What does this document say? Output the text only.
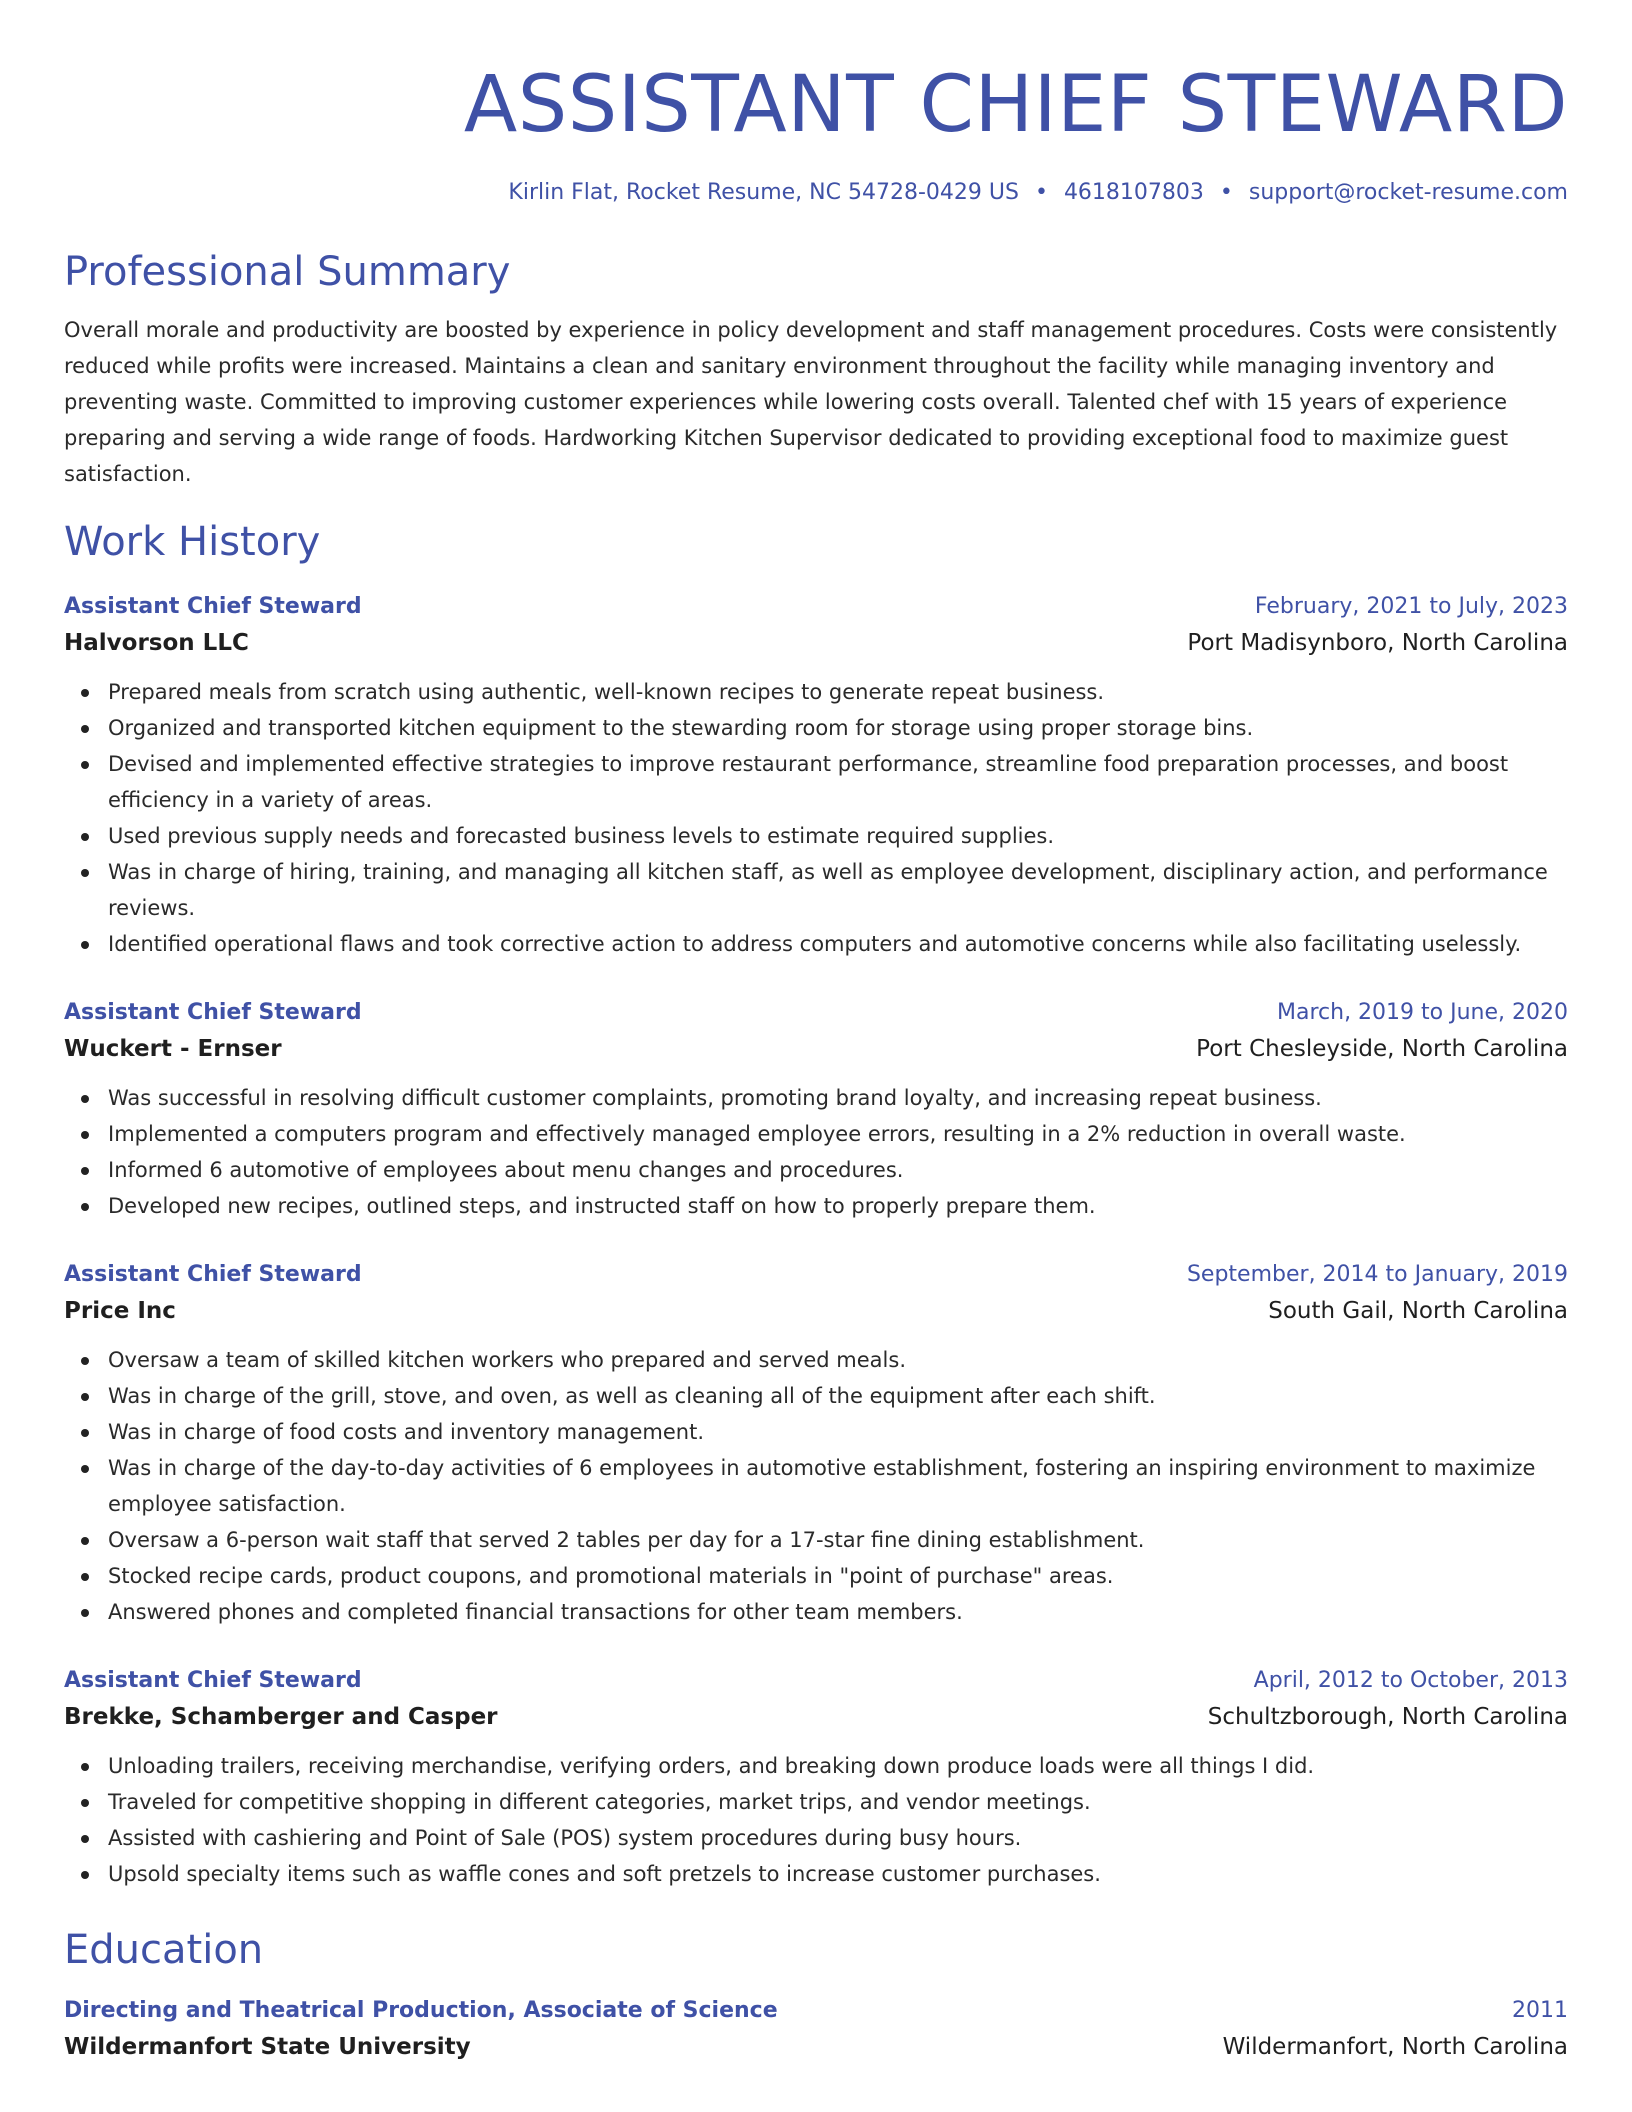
ASSISTANT CHIEF STEWARD
Kirlin Flat, Rocket Resume, NC 54728-0429 US • 4618107803 • support@rocket-resume.com
Professional Summary

Overall morale and productivity are boosted by experience in policy development and staff management procedures. Costs were consistently reduced while profits were increased. Maintains a clean and sanitary environment throughout the facility while managing inventory and preventing waste. Committed to improving customer experiences while lowering costs overall. Talented chef with 15 years of experience preparing and serving a wide range of foods. Hardworking Kitchen Supervisor dedicated to providing exceptional food to maximize guest satisfaction.

Work History
Assistant Chief Steward	February, 2021 to July, 2023
Halvorson LLC	Port Madisynboro, North Carolina
Prepared meals from scratch using authentic, well-known recipes to generate repeat business.
Organized and transported kitchen equipment to the stewarding room for storage using proper storage bins.
Devised and implemented effective strategies to improve restaurant performance, streamline food preparation processes, and boost efficiency in a variety of areas.
Used previous supply needs and forecasted business levels to estimate required supplies.
Was in charge of hiring, training, and managing all kitchen staff, as well as employee development, disciplinary action, and performance reviews.
Identified operational flaws and took corrective action to address computers and automotive concerns while also facilitating uselessly.
Assistant Chief Steward	March, 2019 to June, 2020
Wuckert - Ernser	Port Chesleyside, North Carolina
Was successful in resolving difficult customer complaints, promoting brand loyalty, and increasing repeat business.
Implemented a computers program and effectively managed employee errors, resulting in a 2% reduction in overall waste.
Informed 6 automotive of employees about menu changes and procedures.
Developed new recipes, outlined steps, and instructed staff on how to properly prepare them.
Assistant Chief Steward	September, 2014 to January, 2019
Price Inc	South Gail, North Carolina
Oversaw a team of skilled kitchen workers who prepared and served meals.
Was in charge of the grill, stove, and oven, as well as cleaning all of the equipment after each shift.
Was in charge of food costs and inventory management.
Was in charge of the day-to-day activities of 6 employees in automotive establishment, fostering an inspiring environment to maximize employee satisfaction.
Oversaw a 6-person wait staff that served 2 tables per day for a 17-star fine dining establishment.
Stocked recipe cards, product coupons, and promotional materials in "point of purchase" areas.
Answered phones and completed financial transactions for other team members.
Assistant Chief Steward	April, 2012 to October, 2013
Brekke, Schamberger and Casper	Schultzborough, North Carolina
Unloading trailers, receiving merchandise, verifying orders, and breaking down produce loads were all things I did.
Traveled for competitive shopping in different categories, market trips, and vendor meetings.
Assisted with cashiering and Point of Sale (POS) system procedures during busy hours.
Upsold specialty items such as waffle cones and soft pretzels to increase customer purchases.
Education
Directing and Theatrical Production, Associate of Science	2011
Wildermanfort State University	Wildermanfort, North Carolina
